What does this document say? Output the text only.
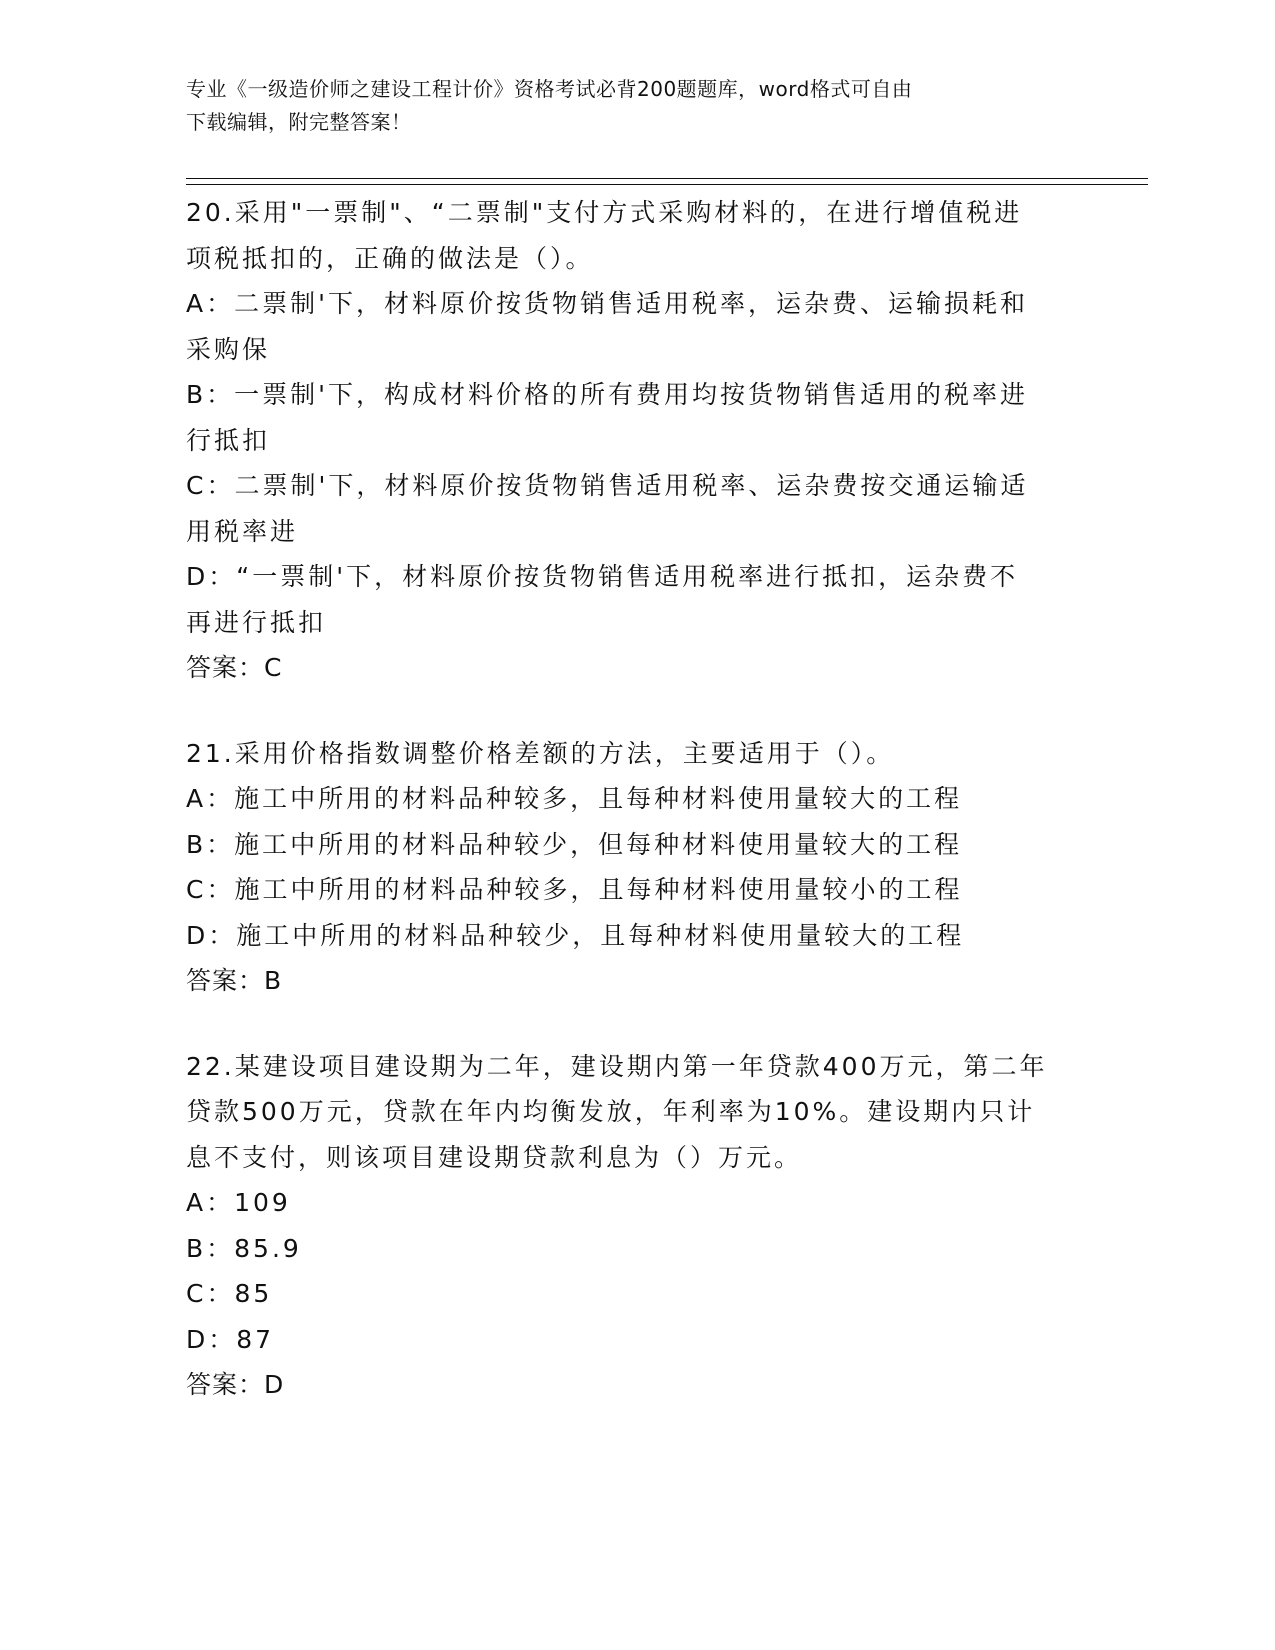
专业《一级造价师之建设工程计价》资格考试必背200题题库，word格式可自由
下载编辑，附完整答案！
20.采用"一票制"、“二票制"支付方式采购材料的，在进行增值税进
项税抵扣的，正确的做法是（）。
A：二票制'下，材料原价按货物销售适用税率，运杂费、运输损耗和
采购保
B：一票制'下，构成材料价格的所有费用均按货物销售适用的税率进
行抵扣
C：二票制'下，材料原价按货物销售适用税率、运杂费按交通运输适
用税率进
D：“一票制'下，材料原价按货物销售适用税率进行抵扣，运杂费不
再进行抵扣
答案：C
21.采用价格指数调整价格差额的方法，主要适用于（）。
A：施工中所用的材料品种较多，且每种材料使用量较大的工程
B：施工中所用的材料品种较少，但每种材料使用量较大的工程
C：施工中所用的材料品种较多，且每种材料使用量较小的工程
D：施工中所用的材料品种较少，且每种材料使用量较大的工程
答案：B
22.某建设项目建设期为二年，建设期内第一年贷款400万元，第二年
贷款500万元，贷款在年内均衡发放，年利率为10%。建设期内只计
息不支付，则该项目建设期贷款利息为（）万元。
A：109
B：85.9
C：85
D：87
答案：D
